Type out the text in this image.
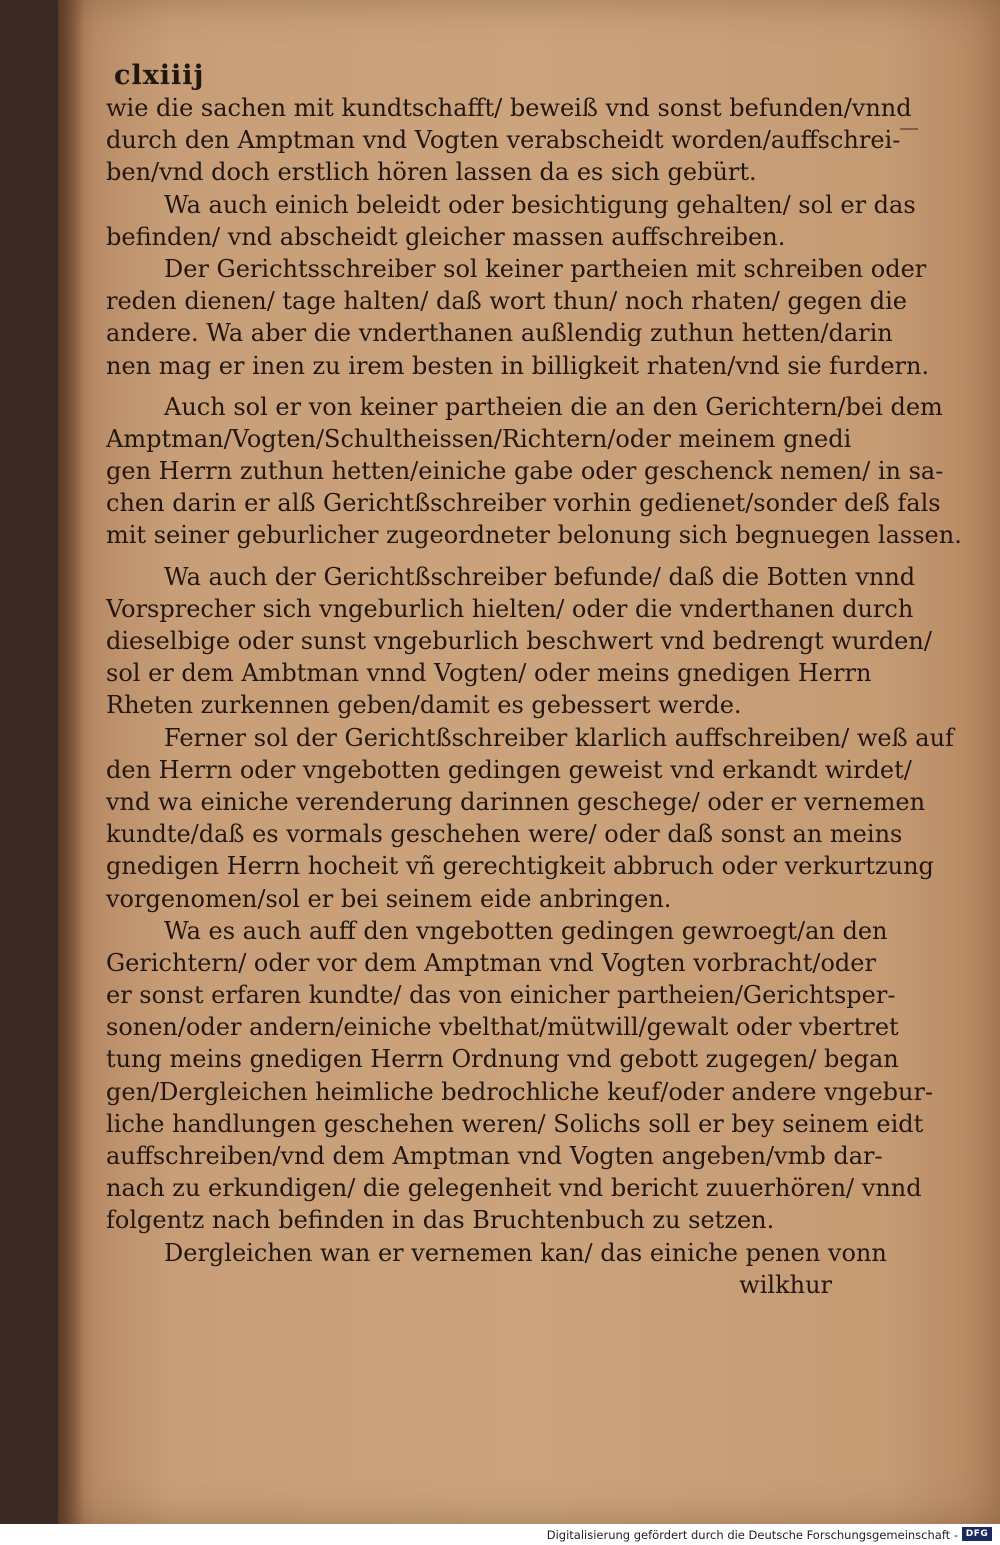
clxiiij
wie die sachen mit kundtschafft/ beweiß vnd sonst befunden/vnnd
durch den Amptman vnd Vogten verabscheidt worden/auffschrei-
ben/vnd doch erstlich hören lassen da es sich gebürt.
Wa auch einich beleidt oder besichtigung gehalten/ sol er das
befinden/ vnd abscheidt gleicher massen auffschreiben.
Der Gerichtsschreiber sol keiner partheien mit schreiben oder
reden dienen/ tage halten/ daß wort thun/ noch rhaten/ gegen die
andere. Wa aber die vnderthanen außlendig zuthun hetten/darin
nen mag er inen zu irem besten in billigkeit rhaten/vnd sie furdern.
Auch sol er von keiner partheien die an den Gerichtern/bei dem
Amptman/Vogten/Schultheissen/Richtern/oder meinem gnedi
gen Herrn zuthun hetten/einiche gabe oder geschenck nemen/ in sa-
chen darin er alß Gerichtßschreiber vorhin gedienet/sonder deß fals
mit seiner geburlicher zugeordneter belonung sich begnuegen lassen.
Wa auch der Gerichtßschreiber befunde/ daß die Botten vnnd
Vorsprecher sich vngeburlich hielten/ oder die vnderthanen durch
dieselbige oder sunst vngeburlich beschwert vnd bedrengt wurden/
sol er dem Ambtman vnnd Vogten/ oder meins gnedigen Herrn
Rheten zurkennen geben/damit es gebessert werde.
Ferner sol der Gerichtßschreiber klarlich auffschreiben/ weß auf
den Herrn oder vngebotten gedingen geweist vnd erkandt wirdet/
vnd wa einiche verenderung darinnen geschege/ oder er vernemen
kundte/daß es vormals geschehen were/ oder daß sonst an meins
gnedigen Herrn hocheit vñ gerechtigkeit abbruch oder verkurtzung
vorgenomen/sol er bei seinem eide anbringen.
Wa es auch auff den vngebotten gedingen gewroegt/an den
Gerichtern/ oder vor dem Amptman vnd Vogten vorbracht/oder
er sonst erfaren kundte/ das von einicher partheien/Gerichtsper-
sonen/oder andern/einiche vbelthat/mütwill/gewalt oder vbertret
tung meins gnedigen Herrn Ordnung vnd gebott zugegen/ began
gen/Dergleichen heimliche bedrochliche keuf/oder andere vngebur-
liche handlungen geschehen weren/ Solichs soll er bey seinem eidt
auffschreiben/vnd dem Amptman vnd Vogten angeben/vmb dar-
nach zu erkundigen/ die gelegenheit vnd bericht zuuerhören/ vnnd
folgentz nach befinden in das Bruchtenbuch zu setzen.
Dergleichen wan er vernemen kan/ das einiche penen vonn
wilkhur
Digitalisierung gefördert durch die Deutsche Forschungsgemeinschaft - DFG
